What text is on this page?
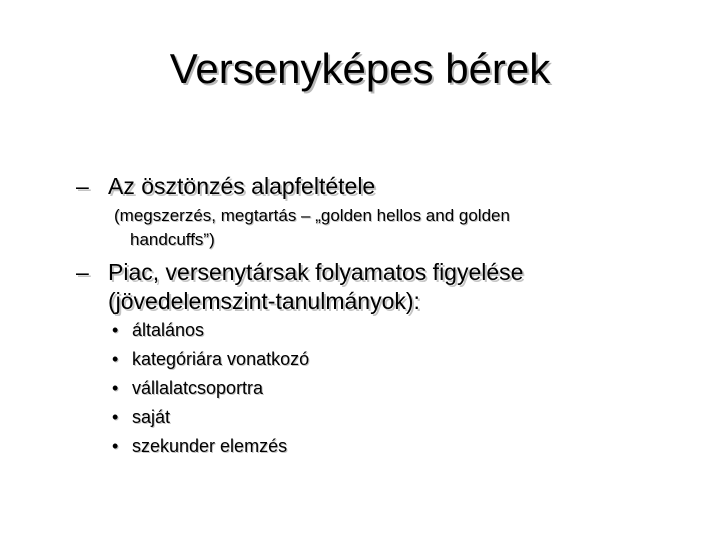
Versenyképes bérek
– Az ösztönzés alapfeltétele
(megszerzés, megtartás – „golden hellos and golden
handcuffs”)
– Piac, versenytársak folyamatos figyelése
(jövedelemszint-tanulmányok):
• általános
• kategóriára vonatkozó
• vállalatcsoportra
• saját
• szekunder elemzés
